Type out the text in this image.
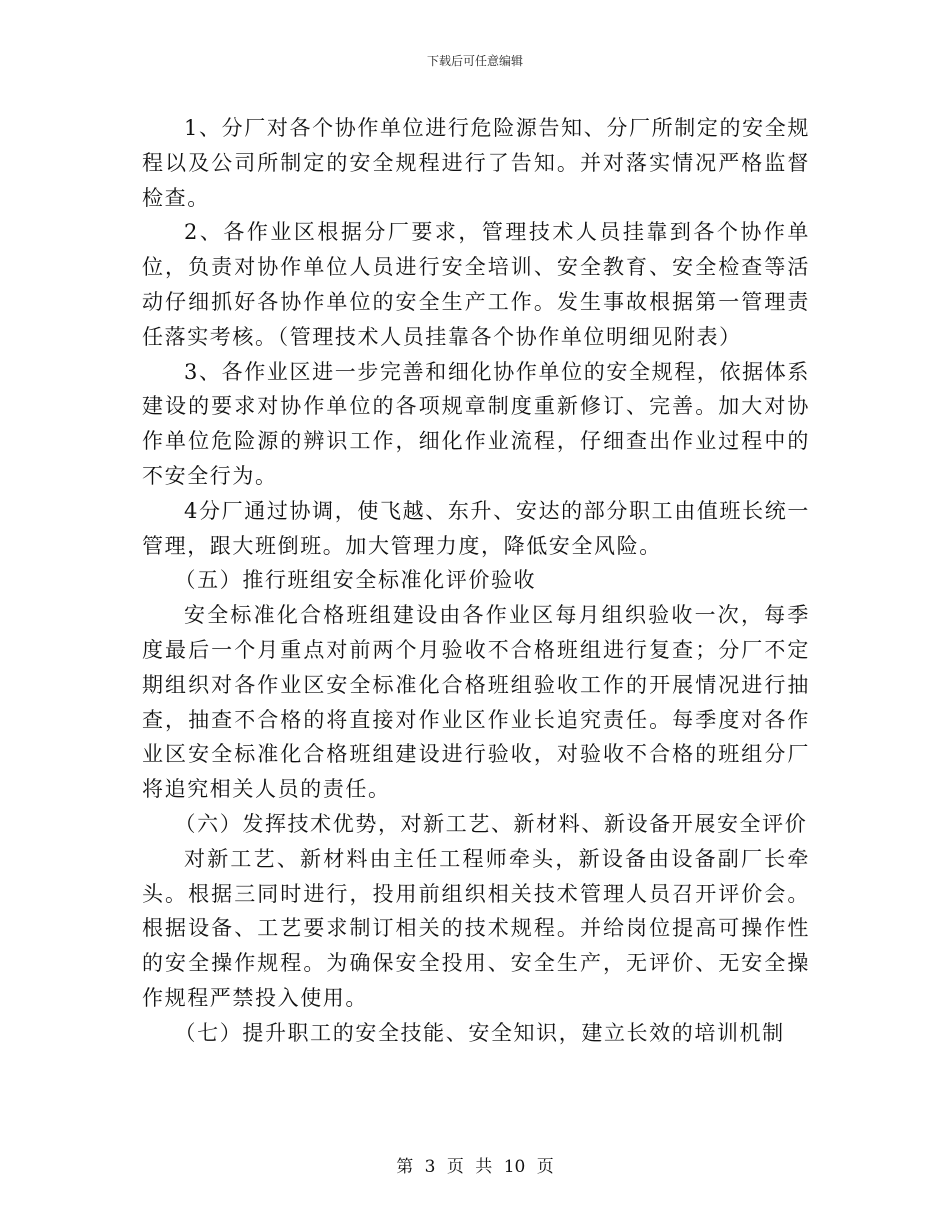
下载后可任意编辑

1、分厂对各个协作单位进行危险源告知、分厂所制定的安全规程以及公司所制定的安全规程进行了告知。并对落实情况严格监督检查。

2、各作业区根据分厂要求，管理技术人员挂靠到各个协作单位，负责对协作单位人员进行安全培训、安全教育、安全检查等活动仔细抓好各协作单位的安全生产工作。发生事故根据第一管理责任落实考核。（管理技术人员挂靠各个协作单位明细见附表）

3、各作业区进一步完善和细化协作单位的安全规程，依据体系建设的要求对协作单位的各项规章制度重新修订、完善。加大对协作单位危险源的辨识工作，细化作业流程，仔细查出作业过程中的不安全行为。

4分厂通过协调，使飞越、东升、安达的部分职工由值班长统一管理，跟大班倒班。加大管理力度，降低安全风险。

（五）推行班组安全标准化评价验收

安全标准化合格班组建设由各作业区每月组织验收一次，每季度最后一个月重点对前两个月验收不合格班组进行复查；分厂不定期组织对各作业区安全标准化合格班组验收工作的开展情况进行抽查，抽查不合格的将直接对作业区作业长追究责任。每季度对各作业区安全标准化合格班组建设进行验收，对验收不合格的班组分厂将追究相关人员的责任。

（六）发挥技术优势，对新工艺、新材料、新设备开展安全评价

对新工艺、新材料由主任工程师牵头，新设备由设备副厂长牵头。根据三同时进行，投用前组织相关技术管理人员召开评价会。根据设备、工艺要求制订相关的技术规程。并给岗位提高可操作性的安全操作规程。为确保安全投用、安全生产，无评价、无安全操作规程严禁投入使用。

（七）提升职工的安全技能、安全知识，建立长效的培训机制

第 3 页 共 10 页
